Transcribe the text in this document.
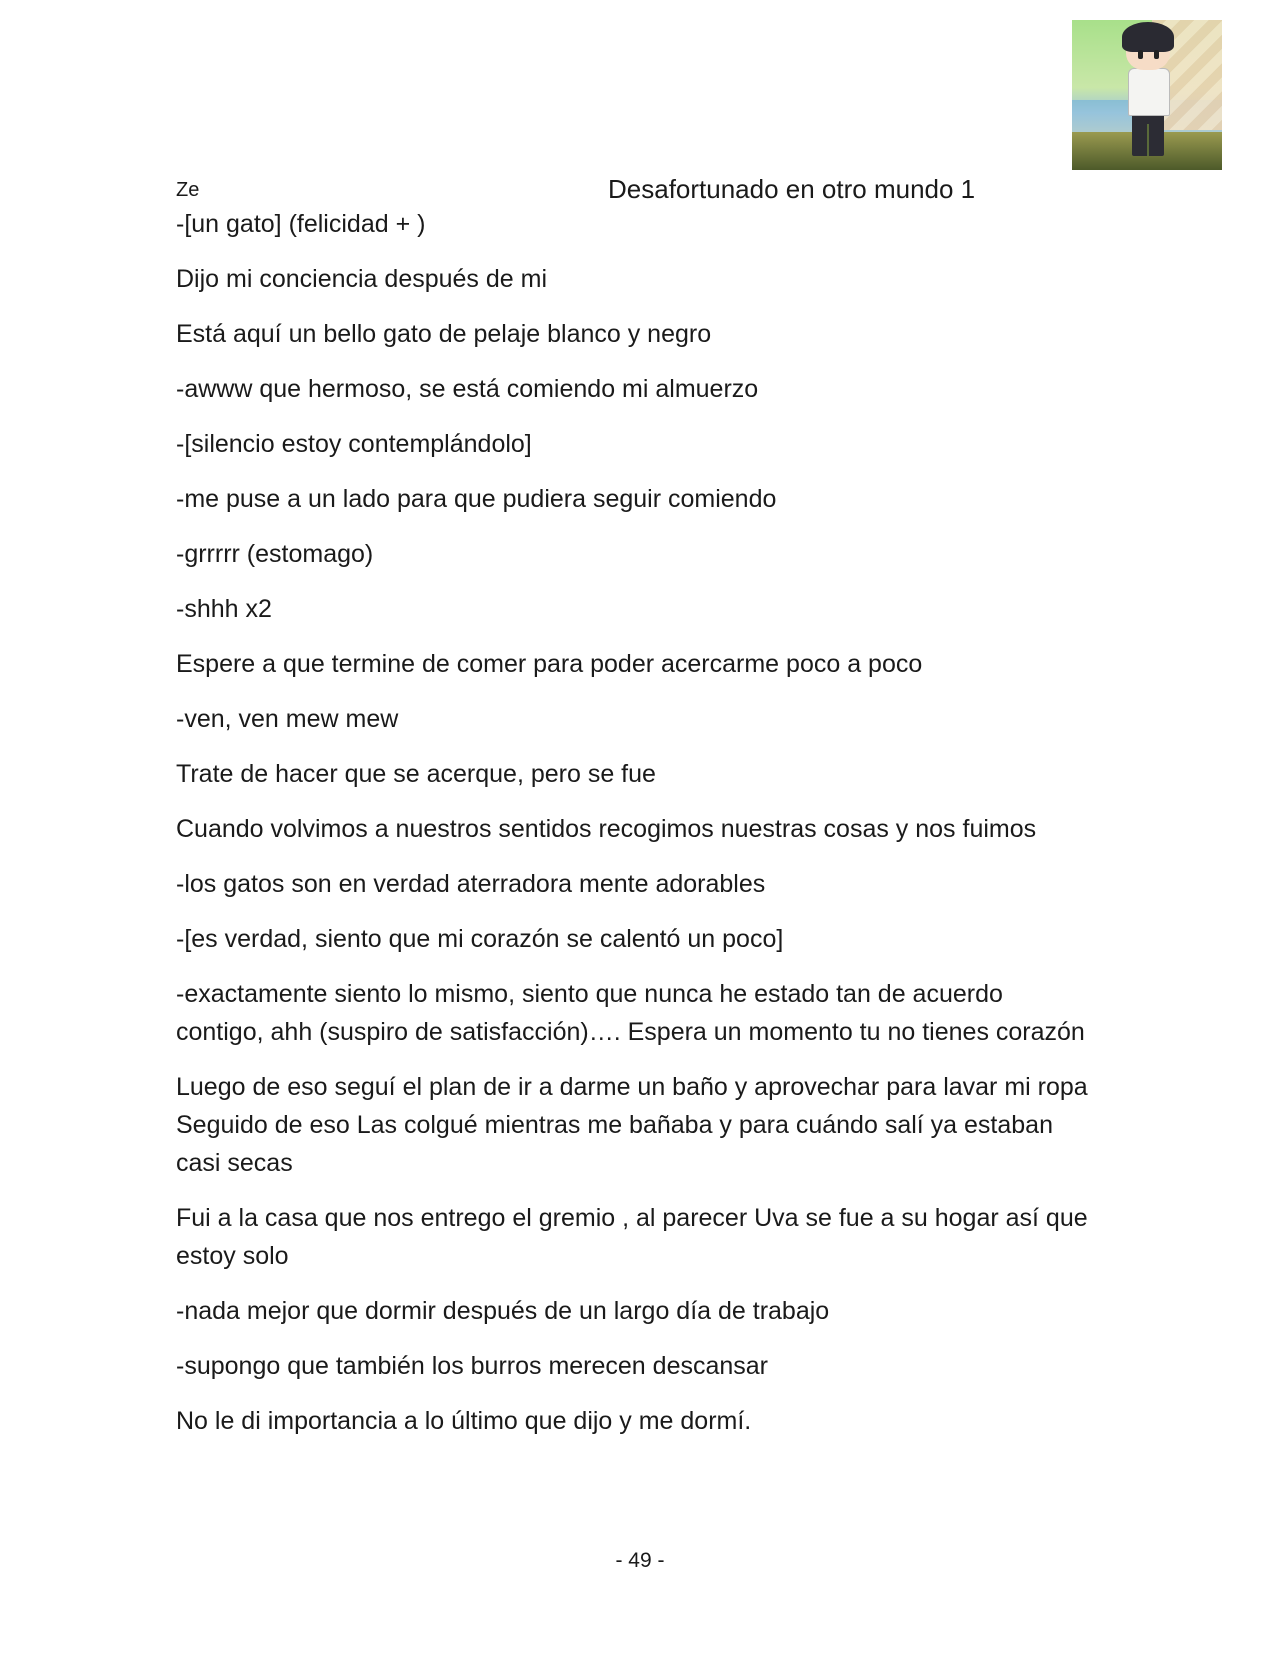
Ze	Desafortunado en otro mundo 1

-[un gato] (felicidad + )

Dijo mi conciencia después de mi

Está aquí un bello gato de pelaje blanco y negro

-awww que hermoso, se está comiendo mi almuerzo

-[silencio estoy contemplándolo]

-me puse a un lado para que pudiera seguir comiendo

-grrrrr (estomago)

-shhh x2

Espere a que termine de comer para poder acercarme poco a poco

-ven, ven mew mew

Trate de hacer que se acerque, pero se fue

Cuando volvimos a nuestros sentidos recogimos nuestras cosas y nos fuimos

-los gatos son en verdad aterradora mente adorables

-[es verdad, siento que mi corazón se calentó un poco]

-exactamente siento lo mismo, siento que nunca he estado tan de acuerdo contigo, ahh (suspiro de satisfacción)…. Espera un momento tu no tienes corazón

Luego de eso seguí el plan de ir a darme un baño y aprovechar para lavar mi ropa Seguido de eso Las colgué mientras me bañaba y para cuándo salí ya estaban casi secas

Fui a la casa que nos entrego el gremio , al parecer Uva se fue a su hogar así que estoy solo

-nada mejor que dormir después de un largo día de trabajo

-supongo que también los burros merecen descansar

No le di importancia a lo último que dijo y me dormí.

- 49 -
